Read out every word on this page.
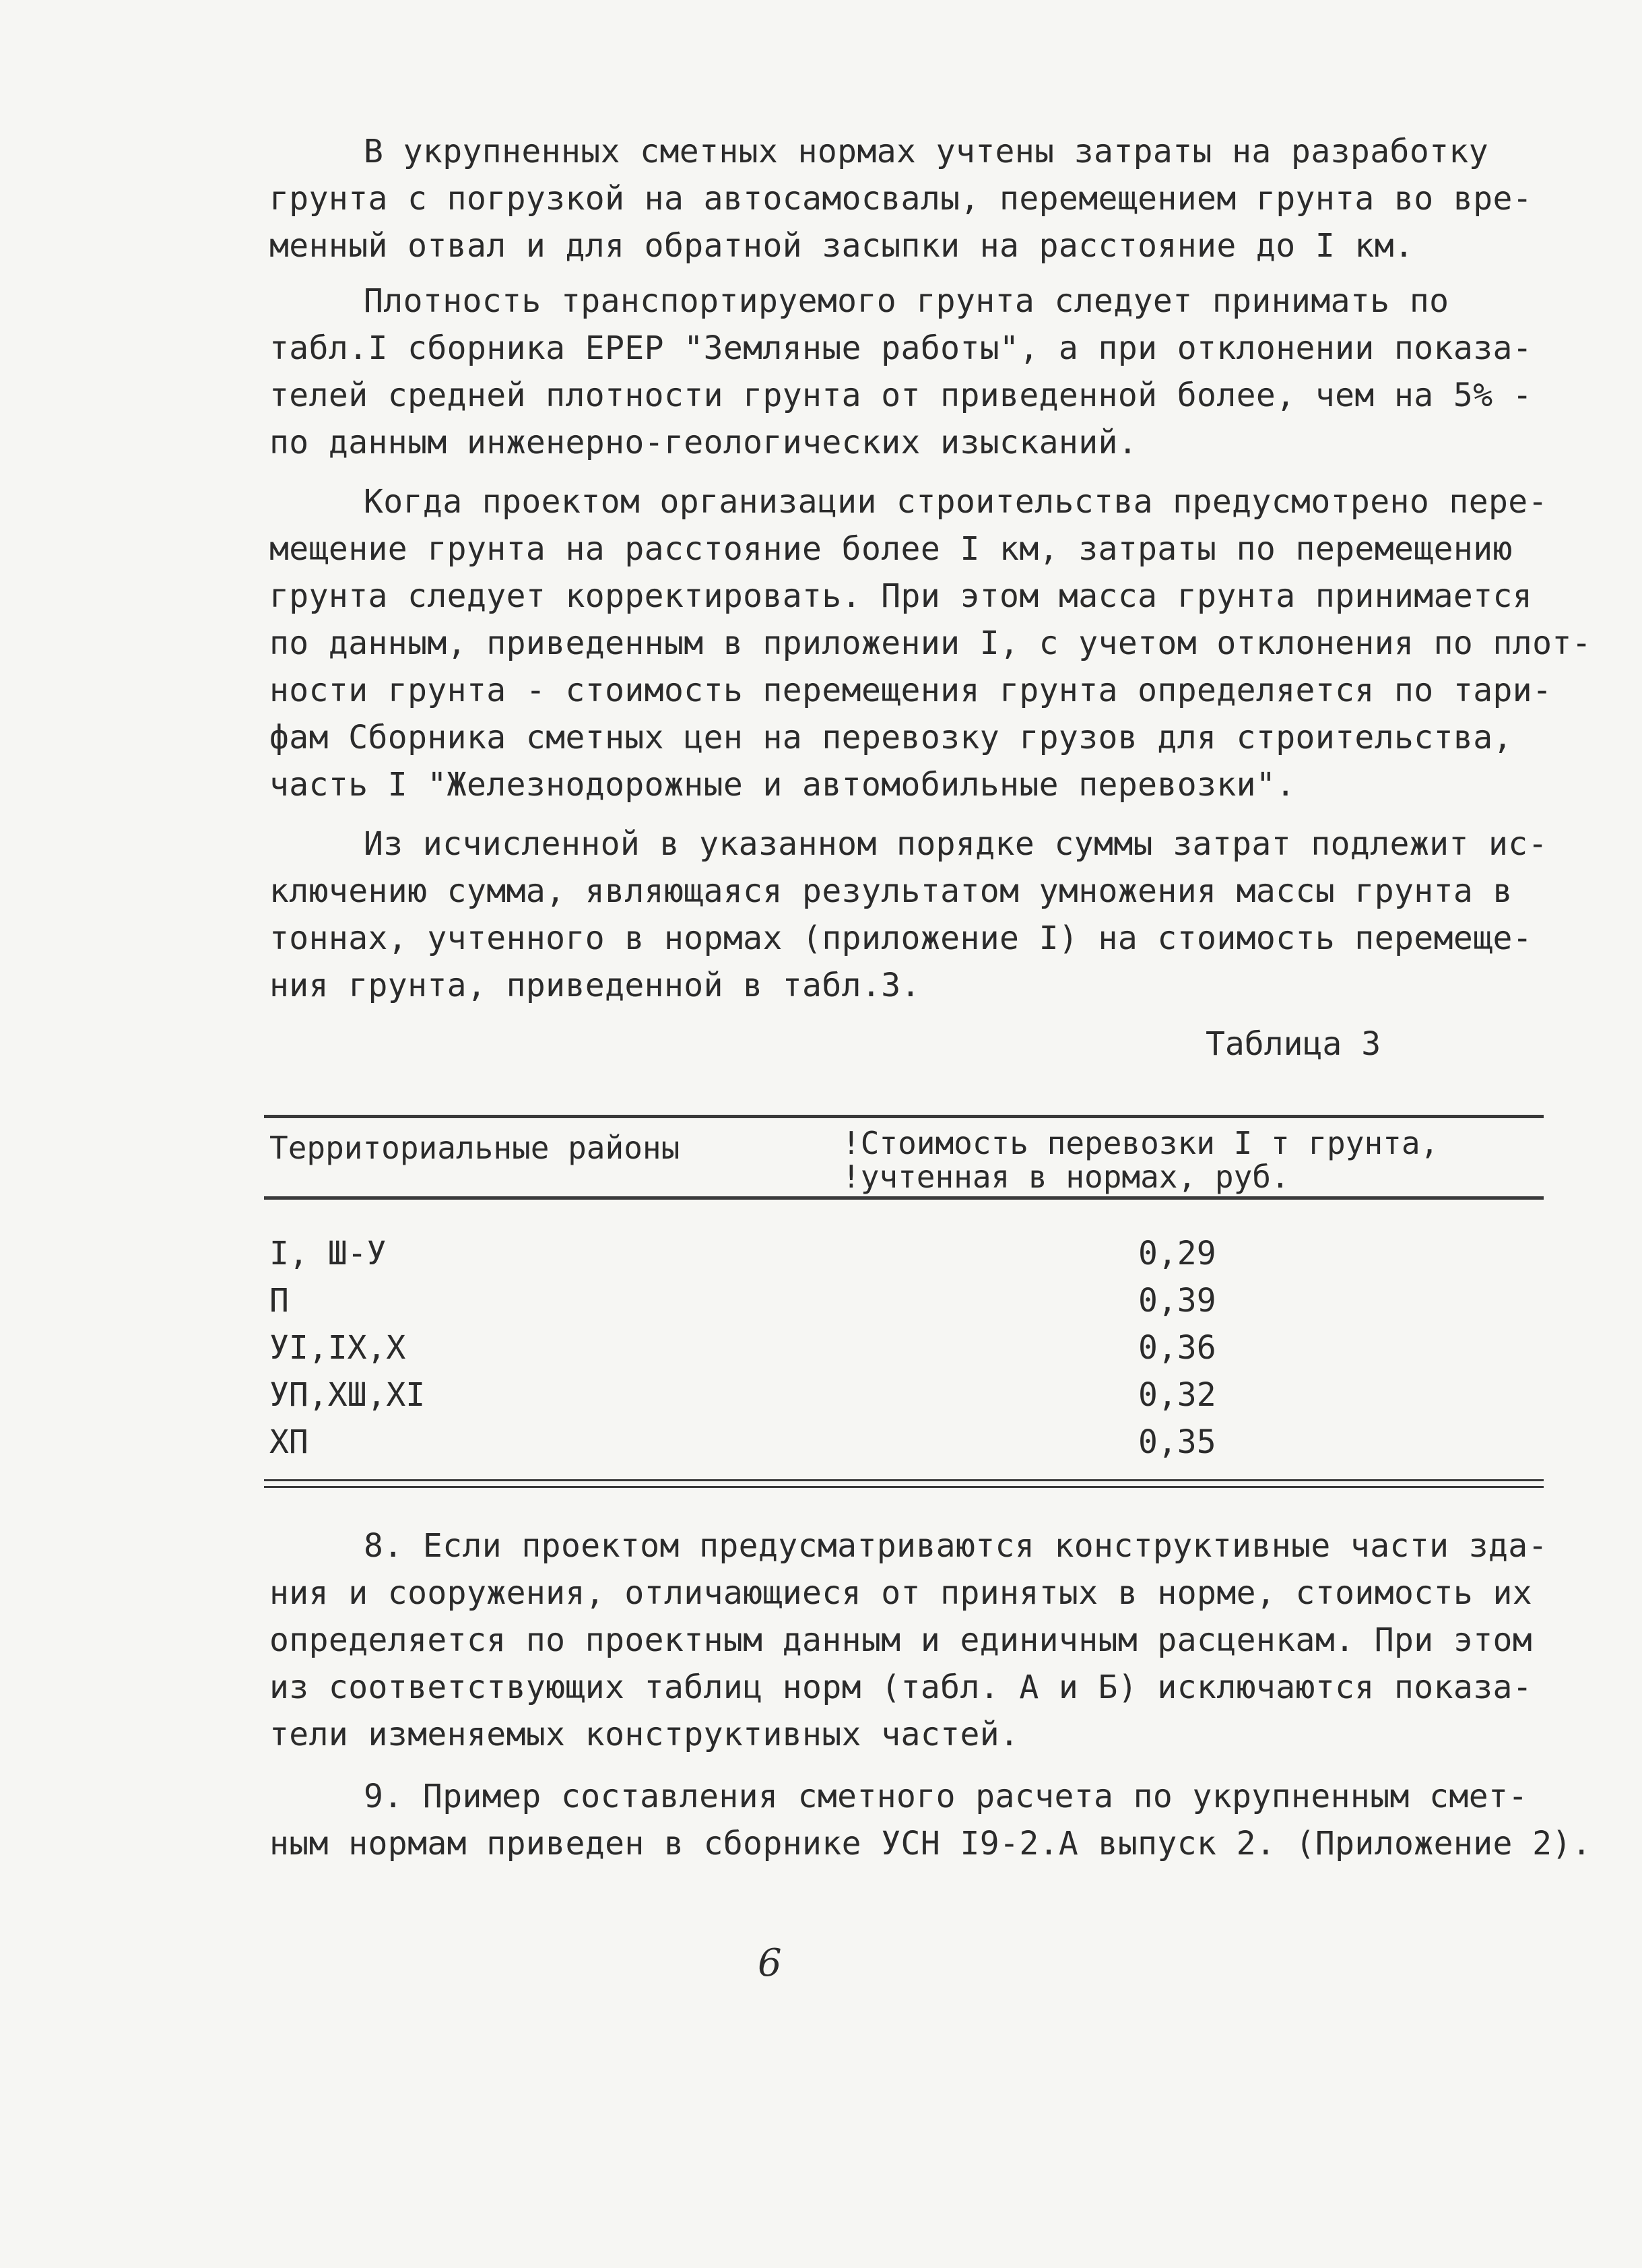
В укрупненных сметных нормах учтены затраты на разработку
грунта с погрузкой на автосамосвалы, перемещением грунта во вре-
менный отвал и для обратной засыпки на расстояние до I км.
Плотность транспортируемого грунта следует принимать по
табл.I сборника ЕРЕР "Земляные работы", а при отклонении показа-
телей средней плотности грунта от приведенной более, чем на 5% -
по данным инженерно-геологических изысканий.
Когда проектом организации строительства предусмотрено пере-
мещение грунта на расстояние более I км, затраты по перемещению
грунта следует корректировать. При этом масса грунта принимается
по данным, приведенным в приложении I, с учетом отклонения по плот-
ности грунта - стоимость перемещения грунта определяется по тари-
фам Сборника сметных цен на перевозку грузов для строительства,
часть I "Железнодорожные и автомобильные перевозки".
Из исчисленной в указанном порядке суммы затрат подлежит ис-
ключению сумма, являющаяся результатом умножения массы грунта в
тоннах, учтенного в нормах (приложение I) на стоимость перемеще-
ния грунта, приведенной в табл.3.
Таблица 3
Территориальные районы	!Стоимость перевозки I т грунта,
!учтенная в нормах, руб.
I, Ш-У	0,29
П	0,39
УI,IX,X	0,36
УП,ХШ,XI	0,32
ХП	0,35
8. Если проектом предусматриваются конструктивные части зда-
ния и сооружения, отличающиеся от принятых в норме, стоимость их
определяется по проектным данным и единичным расценкам. При этом
из соответствующих таблиц норм (табл. А и Б) исключаются показа-
тели изменяемых конструктивных частей.
9. Пример составления сметного расчета по укрупненным смет-
ным нормам приведен в сборнике УСН I9-2.А выпуск 2. (Приложение 2).
6
